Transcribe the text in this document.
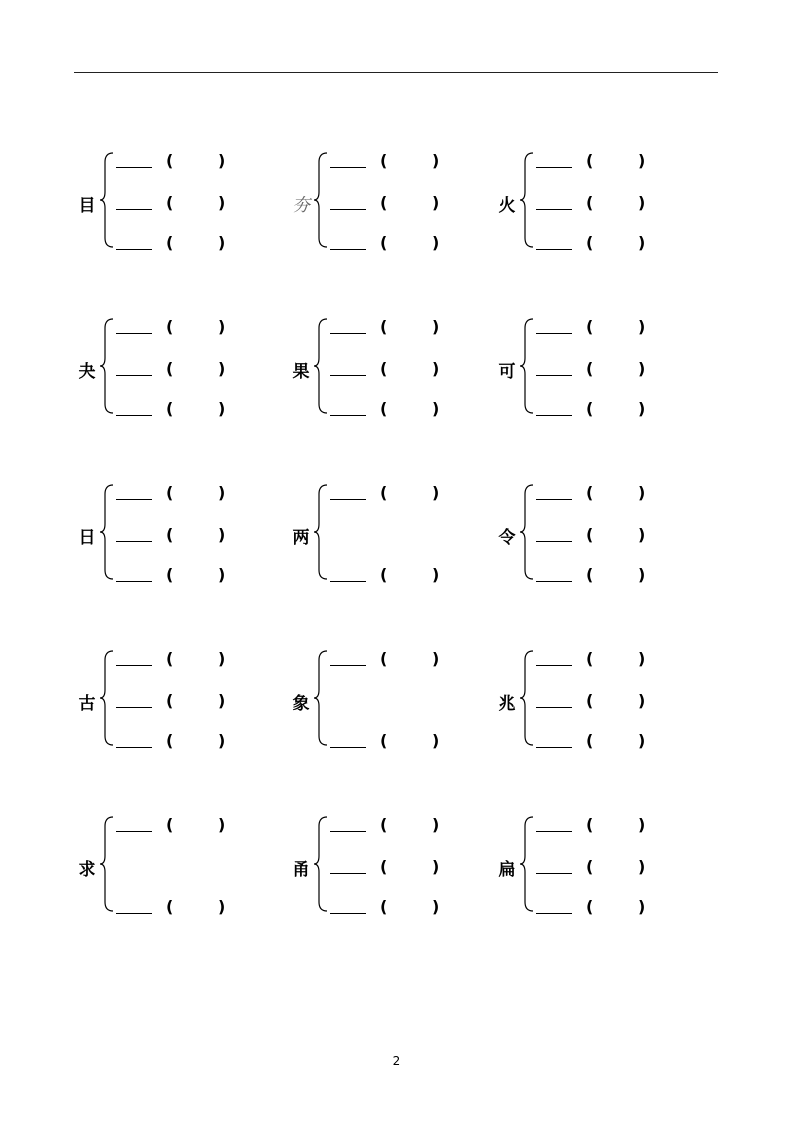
目
(	)
(	)
(	)
夯
(	)
(	)
(	)
火
(	)
(	)
(	)
夬
(	)
(	)
(	)
果
(	)
(	)
(	)
可
(	)
(	)
(	)
日
(	)
(	)
(	)
两
(	)
(	)
令
(	)
(	)
(	)
古
(	)
(	)
(	)
象
(	)
(	)
兆
(	)
(	)
(	)
求
(	)
(	)
甬
(	)
(	)
(	)
扁
(	)
(	)
(	)
2
